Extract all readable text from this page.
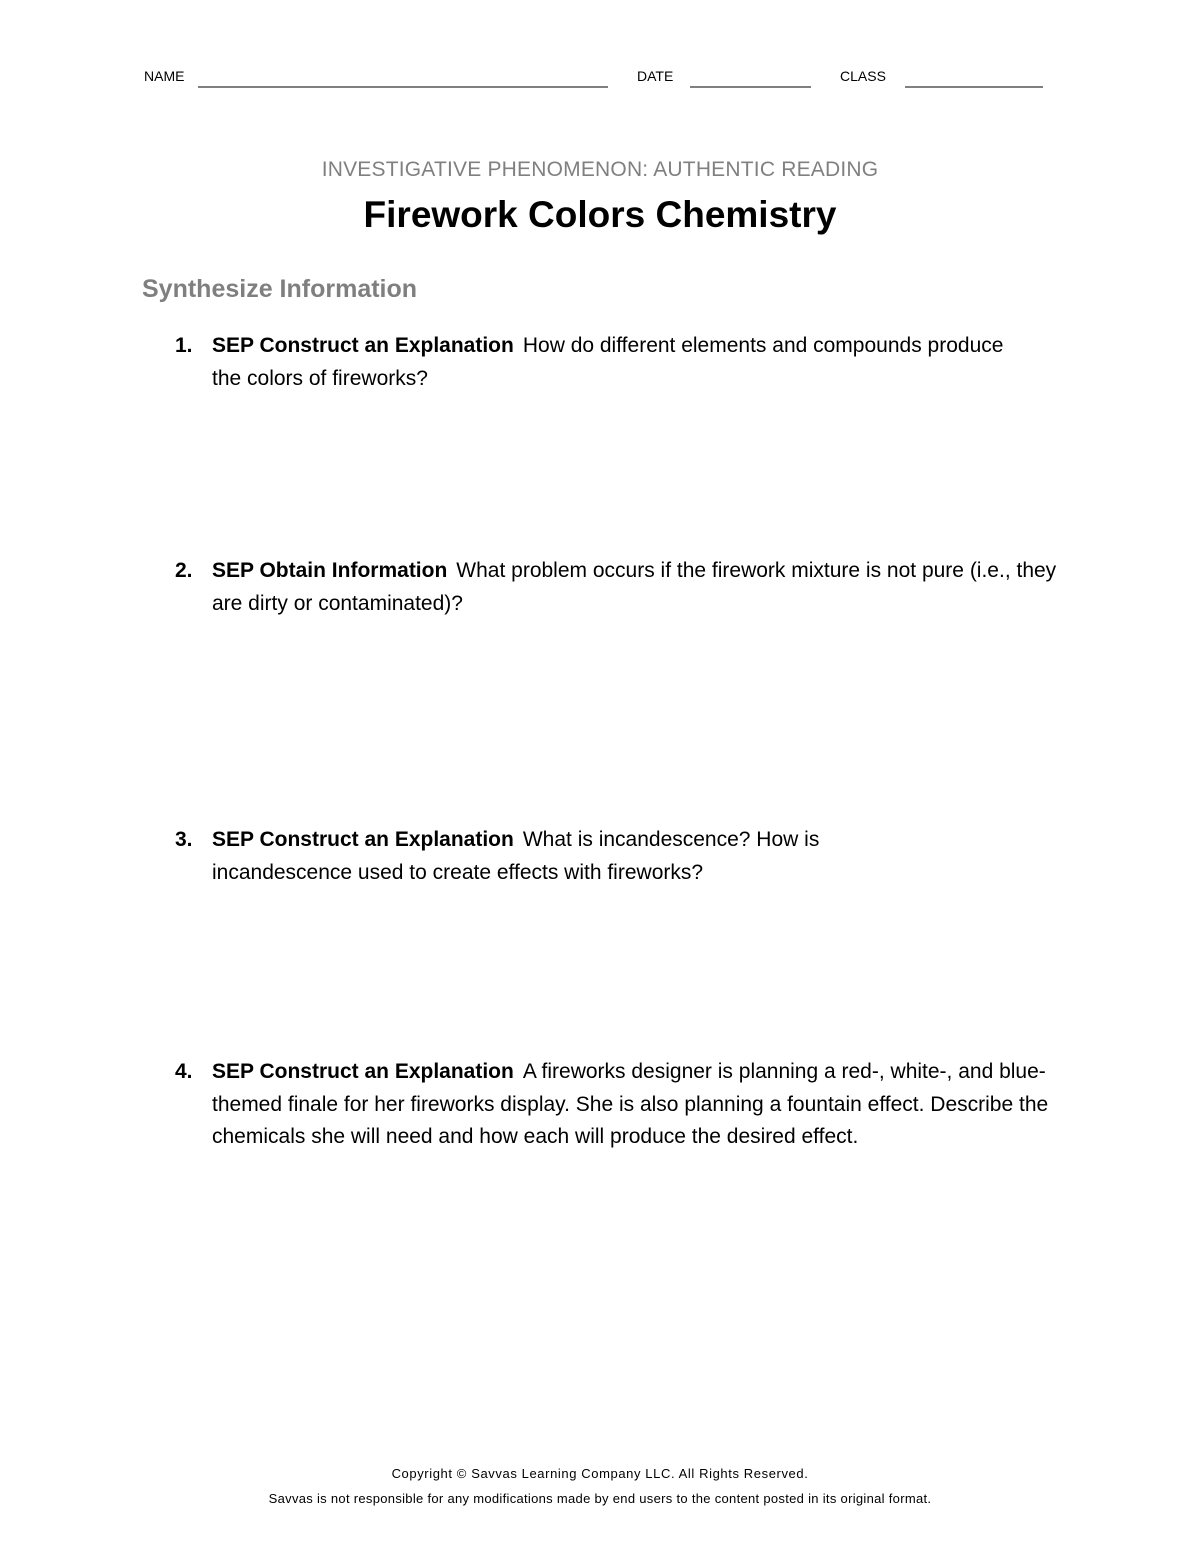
NAME	DATE	CLASS
INVESTIGATIVE PHENOMENON: AUTHENTIC READING
Firework Colors Chemistry
Synthesize Information
1. SEP Construct an Explanation How do different elements and compounds produce the colors of fireworks?
2. SEP Obtain Information What problem occurs if the firework mixture is not pure (i.e., they are dirty or contaminated)?
3. SEP Construct an Explanation What is incandescence? How is incandescence used to create effects with fireworks?
4. SEP Construct an Explanation A fireworks designer is planning a red-, white-, and blue-themed finale for her fireworks display. She is also planning a fountain effect. Describe the chemicals she will need and how each will produce the desired effect.
Copyright © Savvas Learning Company LLC. All Rights Reserved.
Savvas is not responsible for any modifications made by end users to the content posted in its original format.
